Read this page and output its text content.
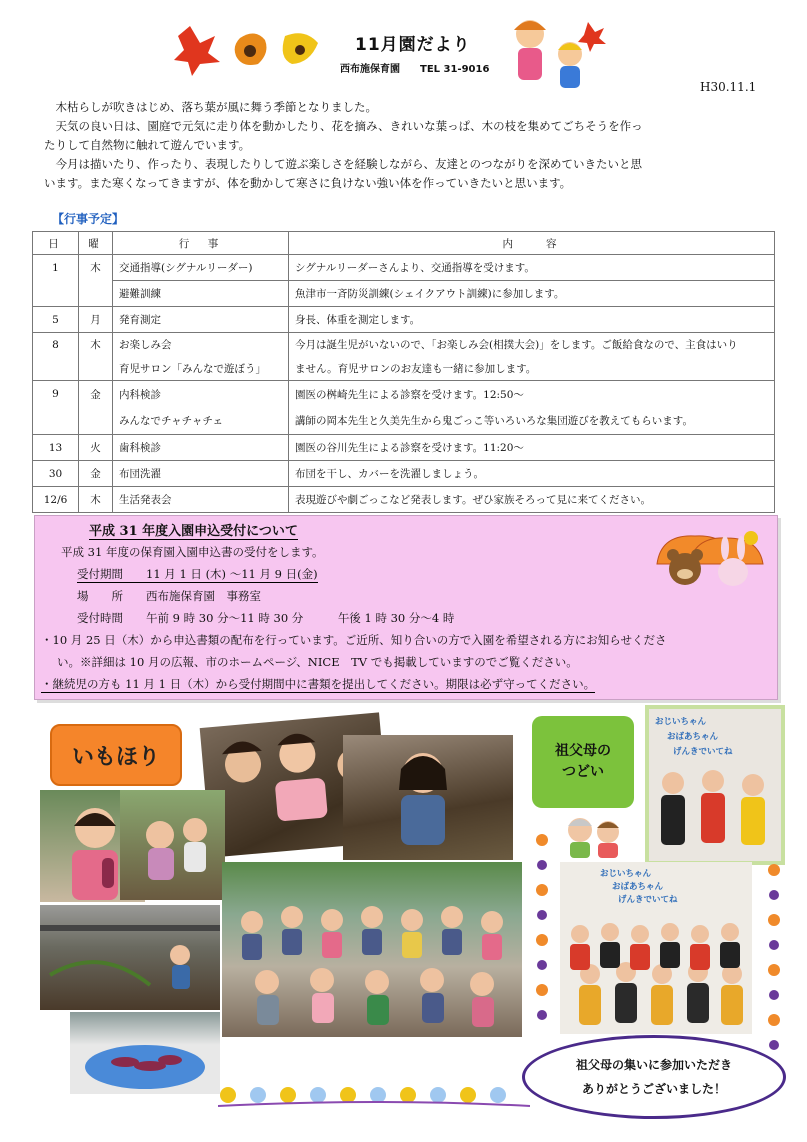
11月園だより
西布施保育園　　TEL 31-9016
H30.11.1

　木枯らしが吹きはじめ、落ち葉が風に舞う季節となりました。

　天気の良い日は、園庭で元気に走り体を動かしたり、花を摘み、きれいな葉っぱ、木の枝を集めてごちそうを作っ

たりして自然物に触れて遊んでいます。

　今月は描いたり、作ったり、表現したりして遊ぶ楽しさを経験しながら、友達とのつながりを深めていきたいと思

います。また寒くなってきますが、体を動かして寒さに負けない強い体を作っていきたいと思います。

【行事予定】
日	曜	行　事	内　　容
1	木	交通指導(シグナルリーダー)	シグナルリーダーさんより、交通指導を受けます。
		避難訓練	魚津市一斉防災訓練(シェイクアウト訓練)に参加します。
5	月	発育測定	身長、体重を測定します。
8	木	お楽しみ会	今月は誕生児がいないので、「お楽しみ会(相撲大会)」をします。ご飯給食なので、主食はいり
		育児サロン「みんなで遊ぼう」	ません。育児サロンのお友達も一緒に参加します。
9	金	内科検診	園医の桝崎先生による診察を受けます。12:50～
		みんなでチャチャチェ	講師の岡本先生と久美先生から鬼ごっこ等いろいろな集団遊びを教えてもらいます。
13	火	歯科検診	園医の谷川先生による診察を受けます。11:20～
30	金	布団洗濯	布団を干し、カバーを洗濯しましょう。
12/6	木	生活発表会	表現遊びや劇ごっこなど発表します。ぜひ家族そろって見に来てください。
平成 31 年度入園申込受付について
平成 31 年度の保育園入園申込書の受付をします。
受付期間　　 11 月 1 日 (木) ～11 月 9 日(金)
場　　所　　 西布施保育園　事務室
受付時間　　 午前 9 時 30 分～11 時 30 分　　　	午後 1 時 30 分～4 時
・10 月 25 日（木）から申込書類の配布を行っています。ご近所、知り合いの方で入園を希望される方にお知らせくださ
い。※詳細は 10 月の広報、市のホームページ、NICE　TV でも掲載していますのでご覧ください。
・継続児の方も 11 月 1 日（木）から受付期間中に書類を提出してください。期限は必ず守ってください。
いもほり	祖父母の
つどい
おじいちゃん
おばあちゃん
げんきでいてね
おじいちゃん
おばあちゃん
げんきでいてね
祖父母の集いに参加いただき
ありがとうございました！
